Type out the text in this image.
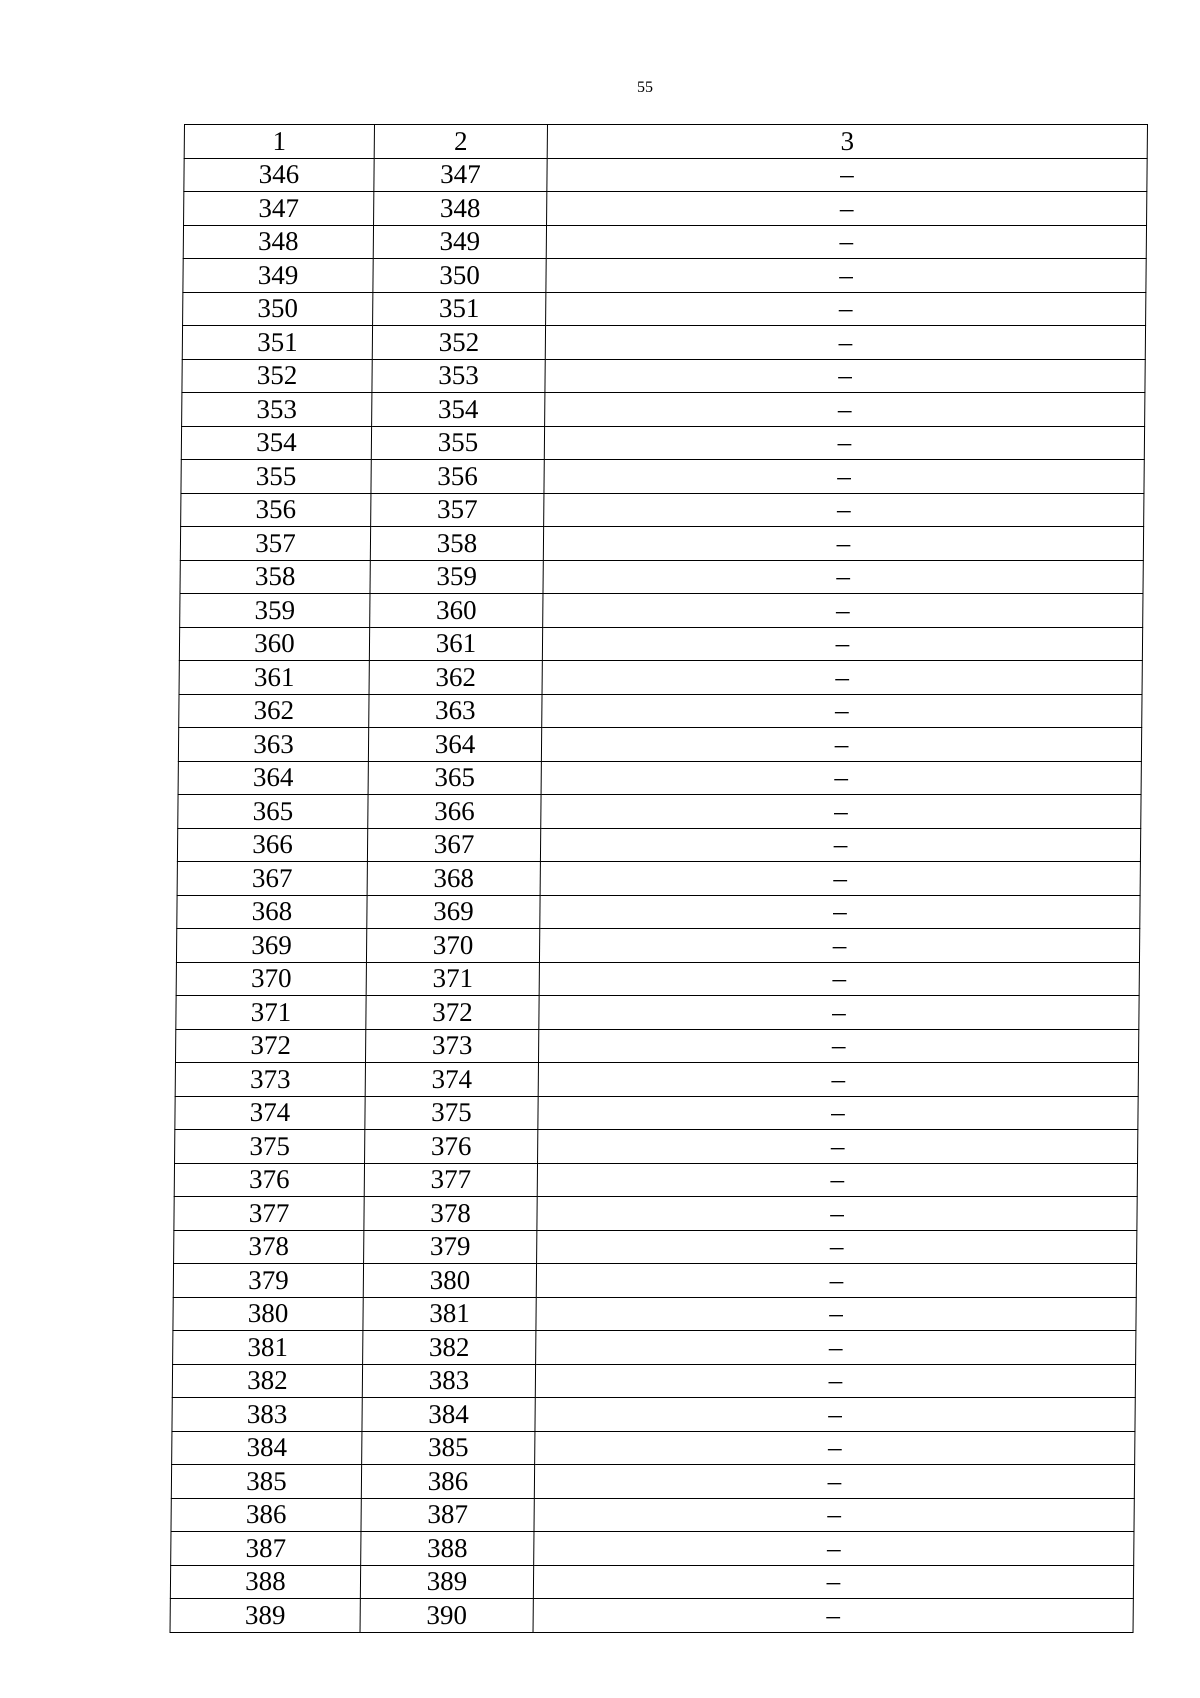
55
1	2	3
346	347	–
347	348	–
348	349	–
349	350	–
350	351	–
351	352	–
352	353	–
353	354	–
354	355	–
355	356	–
356	357	–
357	358	–
358	359	–
359	360	–
360	361	–
361	362	–
362	363	–
363	364	–
364	365	–
365	366	–
366	367	–
367	368	–
368	369	–
369	370	–
370	371	–
371	372	–
372	373	–
373	374	–
374	375	–
375	376	–
376	377	–
377	378	–
378	379	–
379	380	–
380	381	–
381	382	–
382	383	–
383	384	–
384	385	–
385	386	–
386	387	–
387	388	–
388	389	–
389	390	–
